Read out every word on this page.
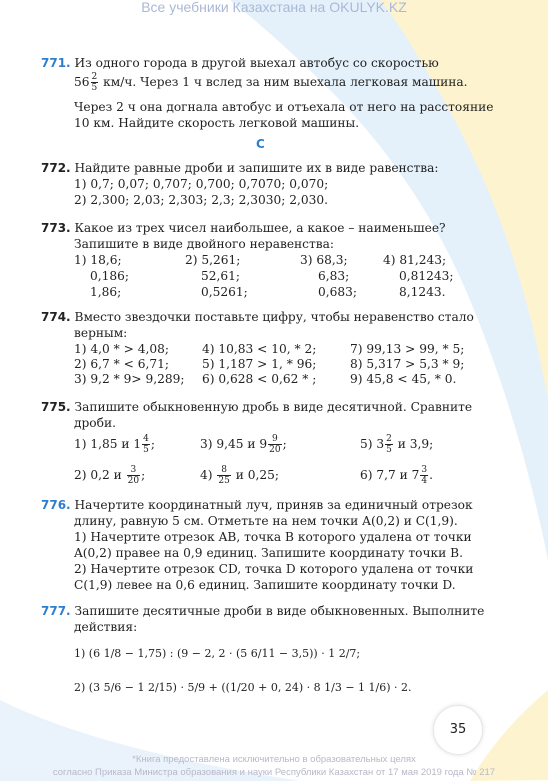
Все учебники Казахстана на OKULYK.KZ
771. Из одного города в другой выехал автобус со скоростью
$56 \frac{2}{5} км/ч$. Через 1 ч вслед за ним выехала легковая машина.
Через 2 ч она догнала автобус и отъехала от него на расстояние
10 км. Найдите скорость легковой машины.
С
772. Найдите равные дроби и запишите их в виде равенства:
1) 0,7; 0,07; 0,707; 0,700; 0,7070; 0,070;
2) 2,300; 2,03; 2,303; 2,3; 2,3030; 2,030.
773. Какое из трех чисел наибольшее, а какое – наименьшее?
Запишите в виде двойного неравенства:
1) 18,6;
0,186;
1,86;
2) 5,261;
52,61;
0,5261;
3) 68,3;
6,83;
0,683;
4) 81,243;
0,81243;
8,1243.
774. Вместо звездочки поставьте цифру, чтобы неравенство стало
верным:
1) 4,0 * > 4,08;
2) 6,7 * < 6,71;
3) 9,2 * 9> 9,289;
4) 10,83 < 10, * 2;
5) 1,187 > 1, * 96;
6) 0,628 < 0,62 * ;
7) 99,13 > 99, * 5;
8) 5,317 > 5,3 * 9;
9) 45,8 < 45, * 0.
775. Запишите обыкновенную дробь в виде десятичной. Сравните
дроби.
1) 1,85 и $1 \frac{4}{5}$ ;	3) 9,45 и $9 \frac{9}{20}$ ;	5) $3 \frac{2}{5}$ и 3,9;
2) 0,2 и $\frac{3}{20}$ ;	$4) \frac{8}{25}$ и 0,25;	6) 7,7 и $7 \frac{3}{4}$ .
776. Начертите координатный луч, приняв за единичный отрезок
длину, равную 5 см. Отметьте на нем точки A(0,2) и C(1,9).
1) Начертите отрезок AB, точка B которого удалена от точки
A(0,2) правее на 0,9 единиц. Запишите координату точки B.
2) Начертите отрезок CD, точка D которого удалена от точки
C(1,9) левее на 0,6 единиц. Запишите координату точки D.
777. Запишите десятичные дроби в виде обыкновенных. Выполните
действия:
1) (6 1/8 − 1,75) : (9 − 2, 2 · (5 6/11 − 3,5)) · 1 2/7;
2) (3 5/6 − 1 2/15) · 5/9 + ((1/20 + 0, 24) · 8 1/3 − 1 1/6) · 2.
35
*Книга предоставлена исключительно в образовательных целях
согласно Приказа Министра образования и науки Республики Казахстан от 17 мая 2019 года № 217
